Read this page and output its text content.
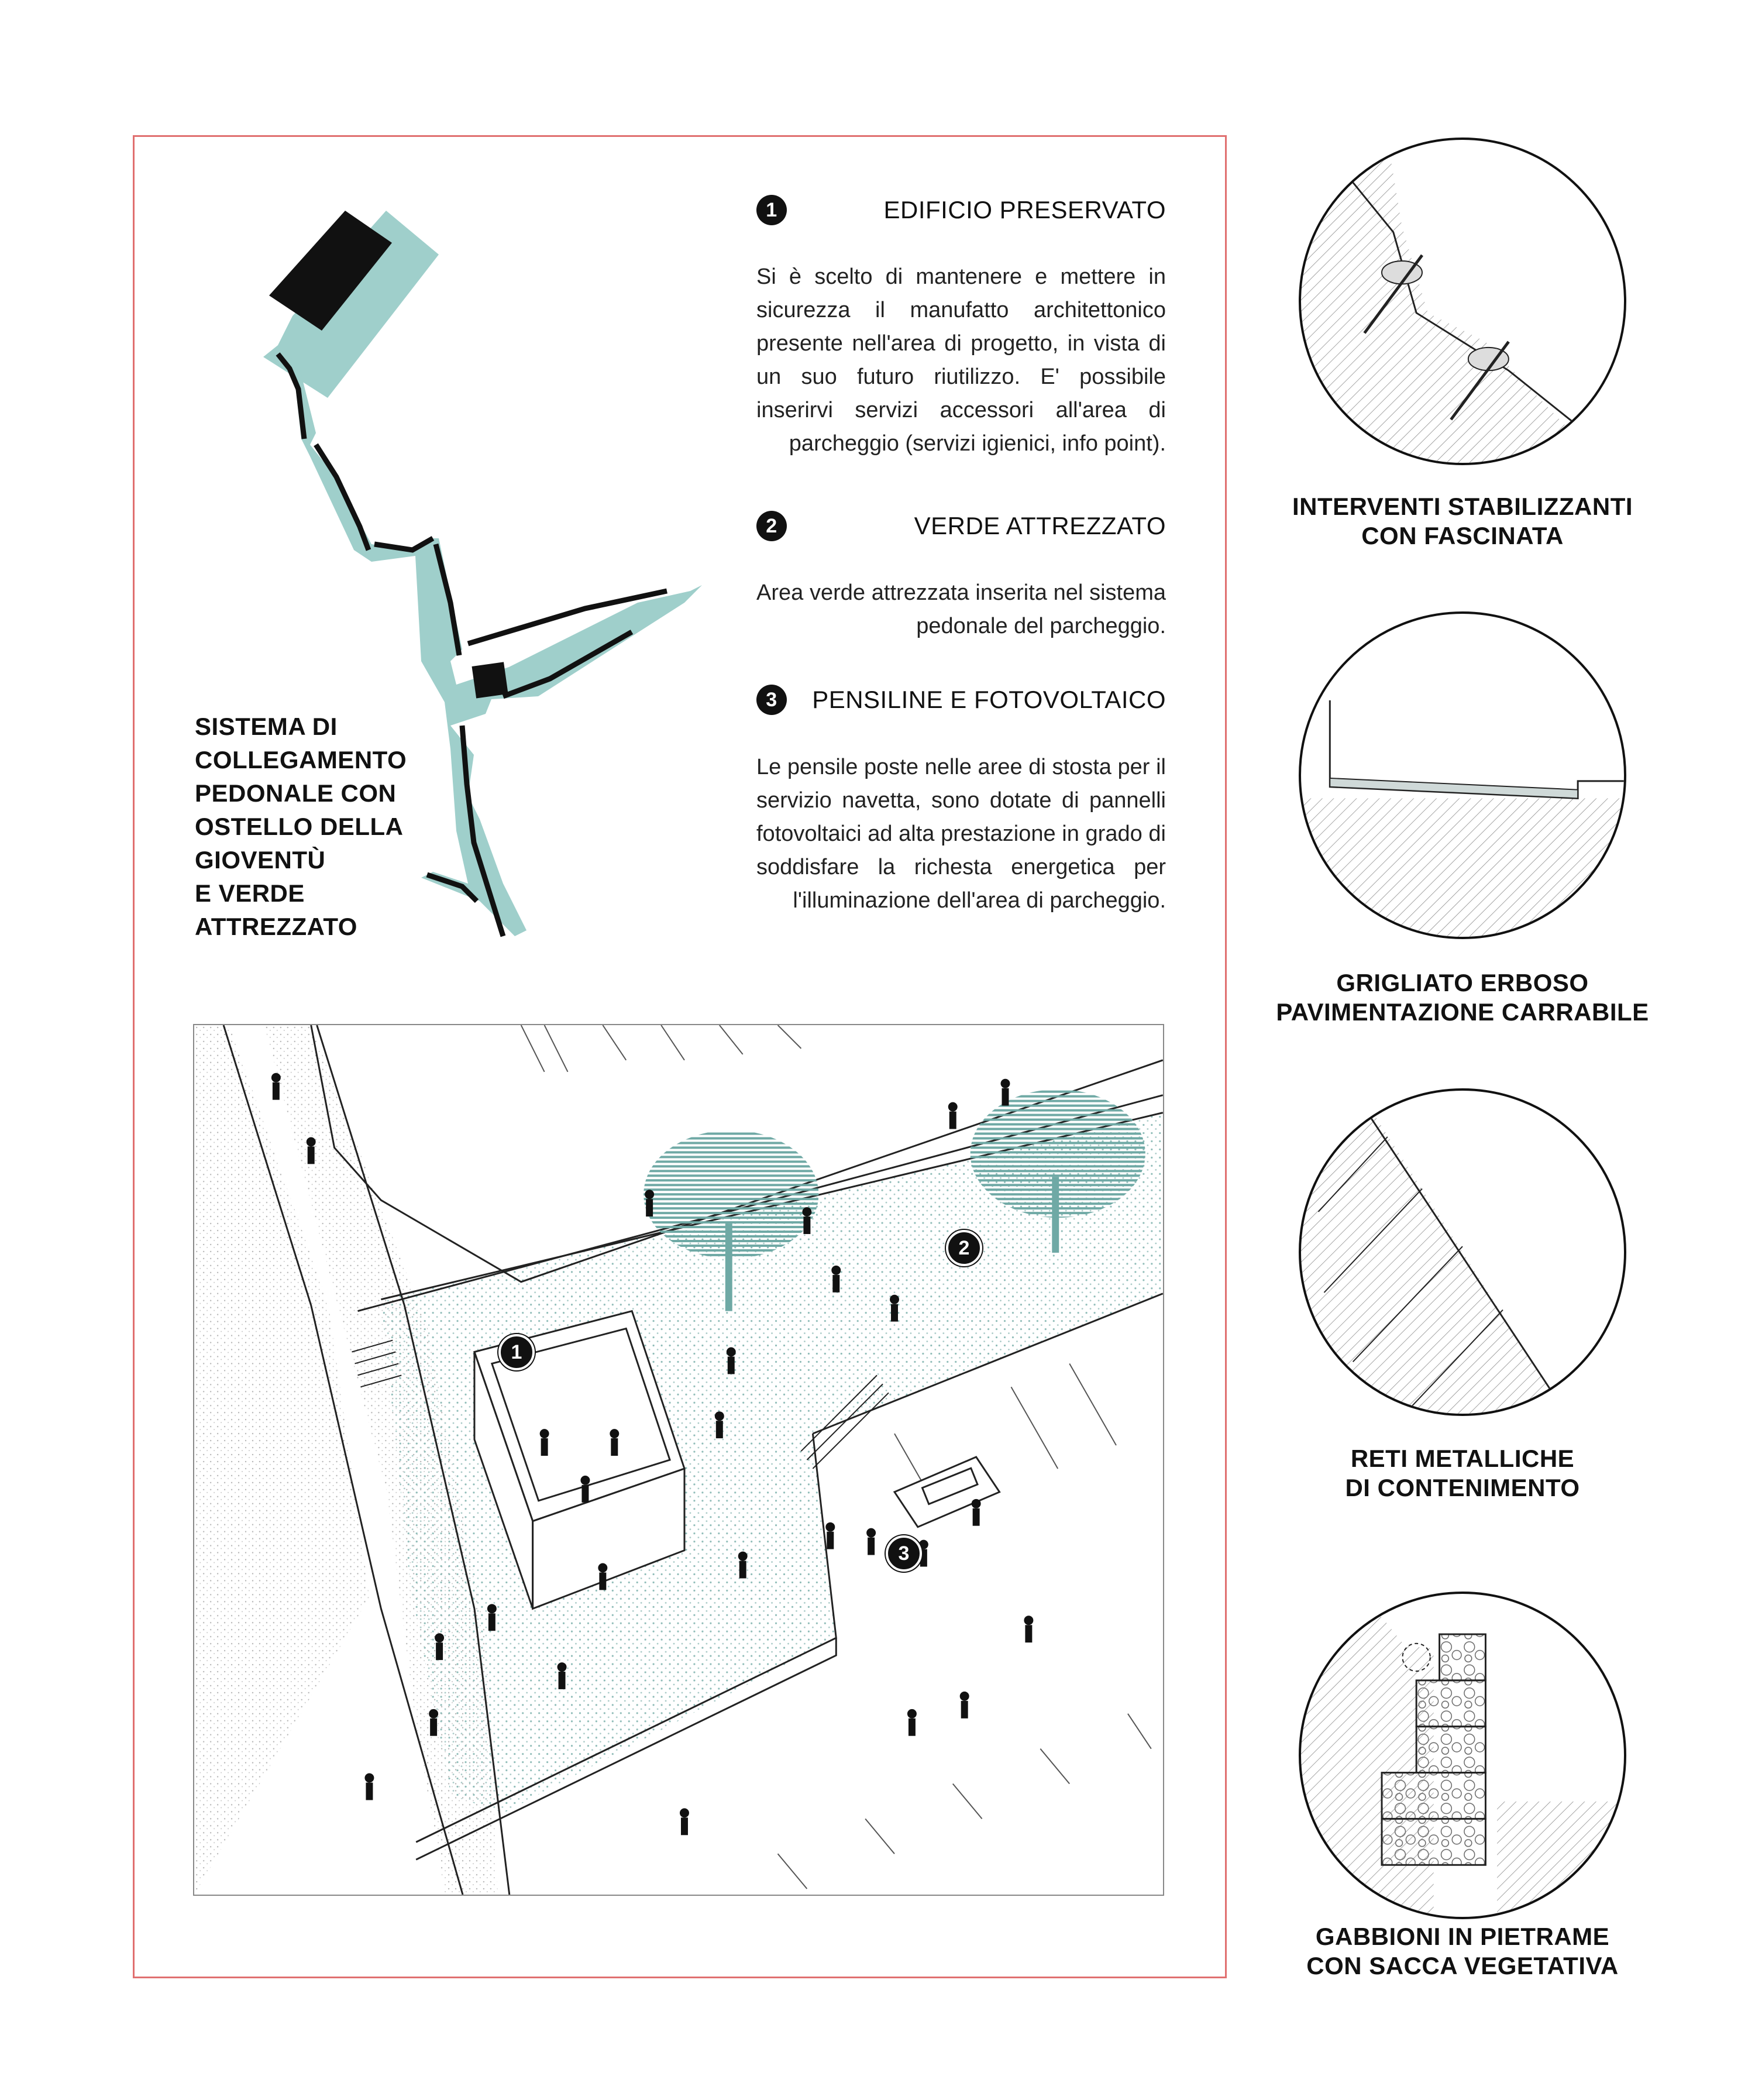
SISTEMA DI
COLLEGAMENTO
PEDONALE CON
OSTELLO DELLA
GIOVENTÙ
E VERDE
ATTREZZATO
1	EDIFICIO PRESERVATO
Si è scelto di mantenere e mettere in sicurezza il manufatto architettonico presente nell'area di progetto, in vista di un suo futuro riutilizzo. E' possibile inserirvi servizi accessori all'area di parcheggio (servizi igienici, info point).
2	VERDE ATTREZZATO
Area verde attrezzata inserita nel sistema pedonale del parcheggio.
3	PENSILINE E FOTOVOLTAICO
Le pensile poste nelle aree di stosta per il servizio navetta, sono dotate di pannelli fotovoltaici ad alta prestazione in grado di soddisfare la richesta energetica per l'illuminazione dell'area di parcheggio.
1
2
3
INTERVENTI STABILIZZANTI
CON FASCINATA
GRIGLIATO ERBOSO
PAVIMENTAZIONE CARRABILE
RETI METALLICHE
DI CONTENIMENTO
GABBIONI IN PIETRAME
CON SACCA VEGETATIVA
